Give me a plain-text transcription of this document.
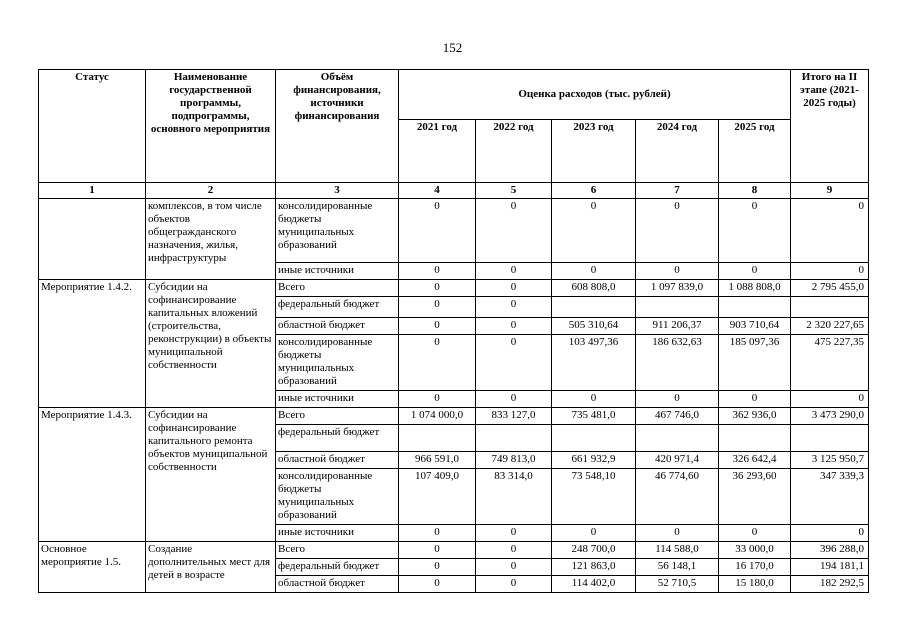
152
Статус	Наименование государственной программы, подпрограммы, основного мероприятия	Объём финансирования, источники финансирования	Оценка расходов (тыс. рублей)					Итого на II этапе (2021-2025 годы)
			2021 год	2022 год	2023 год	2024 год	2025 год	
1	2	3	4	5	6	7	8	9
	комплексов, в том числе объектов общегражданского назначения, жилья, инфраструктуры	консолидированные бюджеты муниципальных образований	0	0	0	0	0	0
		иные источники	0	0	0	0	0	0
Мероприятие 1.4.2.	Субсидии на софинансирование капитальных вложений (строительства, реконструкции) в объекты муниципальной собственности	Всего	0	0	608 808,0	1 097 839,0	1 088 808,0	2 795 455,0
		федеральный бюджет	0	0				
		областной бюджет	0	0	505 310,64	911 206,37	903 710,64	2 320 227,65
		консолидированные бюджеты муниципальных образований	0	0	103 497,36	186 632,63	185 097,36	475 227,35
		иные источники	0	0	0	0	0	0
Мероприятие 1.4.3.	Субсидии на софинансирование капитального ремонта объектов муниципальной собственности	Всего	1 074 000,0	833 127,0	735 481,0	467 746,0	362 936,0	3 473 290,0
		федеральный бюджет						
		областной бюджет	966 591,0	749 813,0	661 932,9	420 971,4	326 642,4	3 125 950,7
		консолидированные бюджеты муниципальных образований	107 409,0	83 314,0	73 548,10	46 774,60	36 293,60	347 339,3
		иные источники	0	0	0	0	0	0
Основное мероприятие 1.5.	Создание дополнительных мест для детей в возрасте	Всего	0	0	248 700,0	114 588,0	33 000,0	396 288,0
		федеральный бюджет	0	0	121 863,0	56 148,1	16 170,0	194 181,1
		областной бюджет	0	0	114 402,0	52 710,5	15 180,0	182 292,5
